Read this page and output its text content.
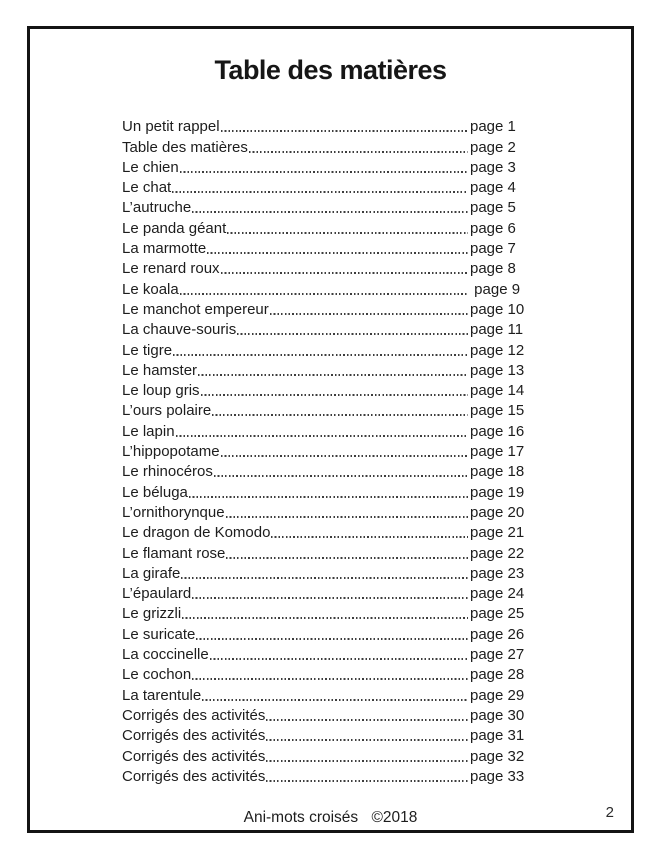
Table des matières
Un petit rappel	page 1
Table des matières	page 2
Le chien	page 3
Le chat	page 4
L’autruche	page 5
Le panda géant	page 6
La marmotte	page 7
Le renard roux	page 8
Le koala	page 9
Le manchot empereur	page 10
La chauve-souris	page 11
Le tigre	page 12
Le hamster	page 13
Le loup gris	page 14
L’ours polaire	page 15
Le lapin	page 16
L’hippopotame	page 17
Le rhinocéros	page 18
Le béluga	page 19
L’ornithorynque	page 20
Le dragon de Komodo	page 21
Le flamant rose	page 22
La girafe	page 23
L’épaulard	page 24
Le grizzli	page 25
Le suricate	page 26
La coccinelle	page 27
Le cochon	page 28
La tarentule	page 29
Corrigés des activités	page 30
Corrigés des activités	page 31
Corrigés des activités	page 32
Corrigés des activités	page 33
Ani-mots croisés ©2018	2
